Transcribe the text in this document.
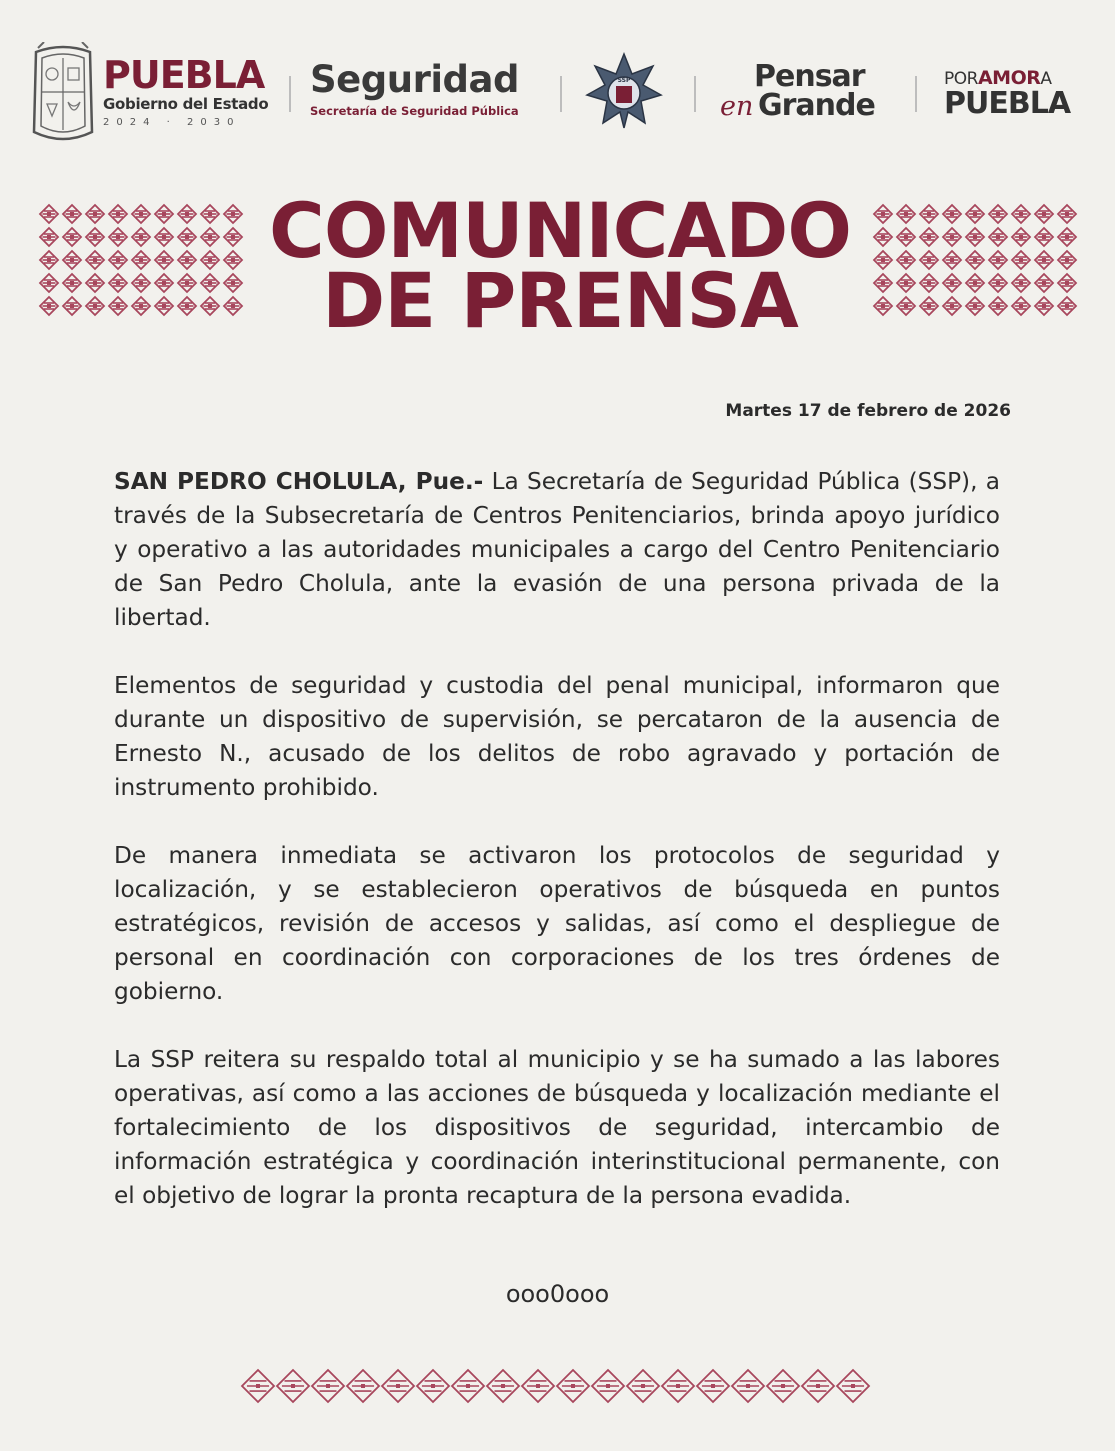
PUEBLA
Gobierno del Estado
2024 · 2030
Seguridad
Secretaría de Seguridad Pública
SSP	Pensar
en Grande
PORAMORA
PUEBLA
COMUNICADO
DE PRENSA
Martes 17 de febrero de 2026

SAN PEDRO CHOLULA, Pue.- La Secretaría de Seguridad Pública (SSP), a través de la Subsecretaría de Centros Penitenciarios, brinda apoyo jurídico y operativo a las autoridades municipales a cargo del Centro Penitenciario de San Pedro Cholula, ante la evasión de una persona privada de la libertad.

Elementos de seguridad y custodia del penal municipal, informaron que durante un dispositivo de supervisión, se percataron de la ausencia de Ernesto N., acusado de los delitos de robo agravado y portación de instrumento prohibido.

De manera inmediata se activaron los protocolos de seguridad y localización, y se establecieron operativos de búsqueda en puntos estratégicos, revisión de accesos y salidas, así como el despliegue de personal en coordinación con corporaciones de los tres órdenes de gobierno.

La SSP reitera su respaldo total al municipio y se ha sumado a las labores operativas, así como a las acciones de búsqueda y localización mediante el fortalecimiento de los dispositivos de seguridad, intercambio de información estratégica y coordinación interinstitucional permanente, con el objetivo de lograr la pronta recaptura de la persona evadida.

ooo0ooo
